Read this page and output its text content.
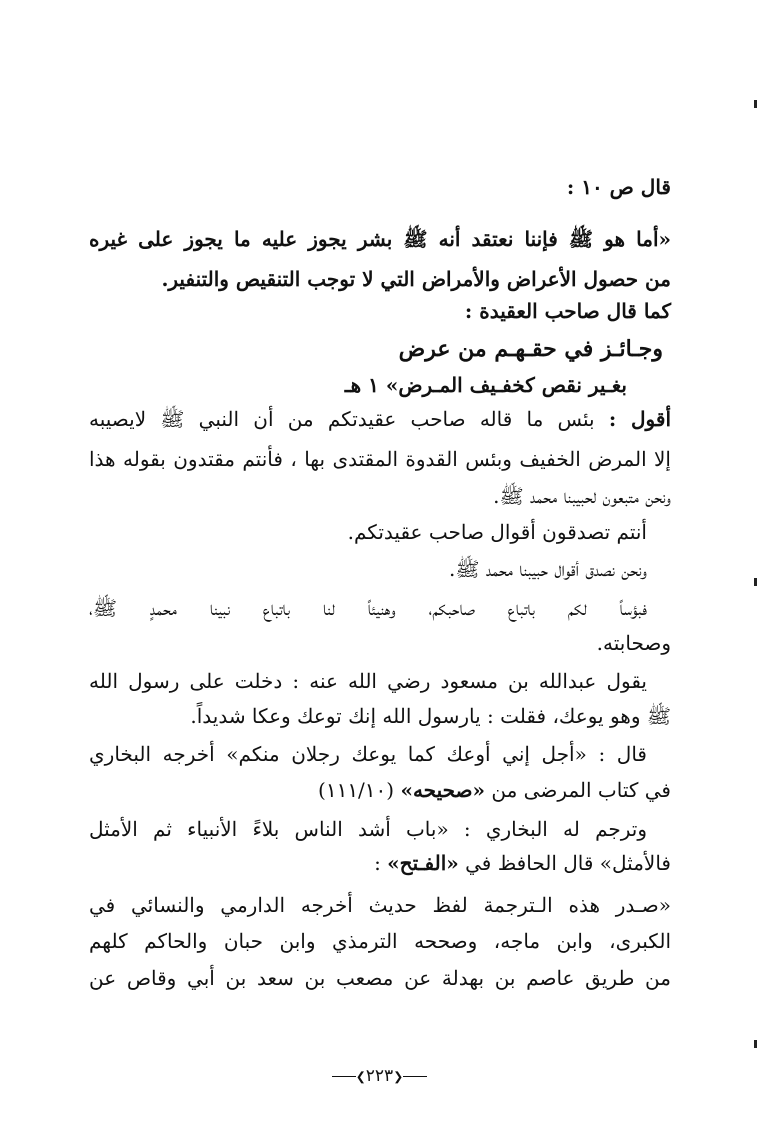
قال ص ١٠ :
«أما هو ﷺ فإننا نعتقد أنه ﷺ بشر يجوز عليه ما يجوز على غيره
من حصول الأعراض والأمراض التي لا توجب التنقيص والتنفير.
كما قال صاحب العقيدة :
وجـائـز في حقـهـم من عرض
بغـير نقص كخفـيف المـرض» ١ هـ
أقول : بئس ما قاله صاحب عقيدتكم من أن النبي ﷺ لايصيبه
إلا المرض الخفيف وبئس القدوة المقتدى بها ، فأنتم مقتدون بقوله هذا
ونحن متبعون لحبيبنا محمد ﷺ.
أنتم تصدقون أقوال صاحب عقيدتكم.
ونحن نصدق أقوال حبيبنا محمد ﷺ.
فبؤساً لكم باتباع صاحبكم، وهنيئاً لنا باتباع نبينا محمدٍ ﷺ،
وصحابته.
يقول عبدالله بن مسعود رضي الله عنه : دخلت على رسول الله
ﷺ وهو يوعك، فقلت : يارسول الله إنك توعك وعكا شديداً.
قال : «أجل إني أوعك كما يوعك رجلان منكم» أخرجه البخاري
في كتاب المرضى من «صحيحه» (١١١/١٠)
وترجم له البخاري : «باب أشد الناس بلاءً الأنبياء ثم الأمثل
فالأمثل» قال الحافظ في «الفـتح» :
«صـدر هذه الـترجمة لفظ حديث أخرجه الدارمي والنسائي في
الكبرى، وابن ماجه، وصححه الترمذي وابن حبان والحاكم كلهم
من طريق عاصم بن بهدلة عن مصعب بن سعد بن أبي وقاص عن
❮٢٢٣❯
